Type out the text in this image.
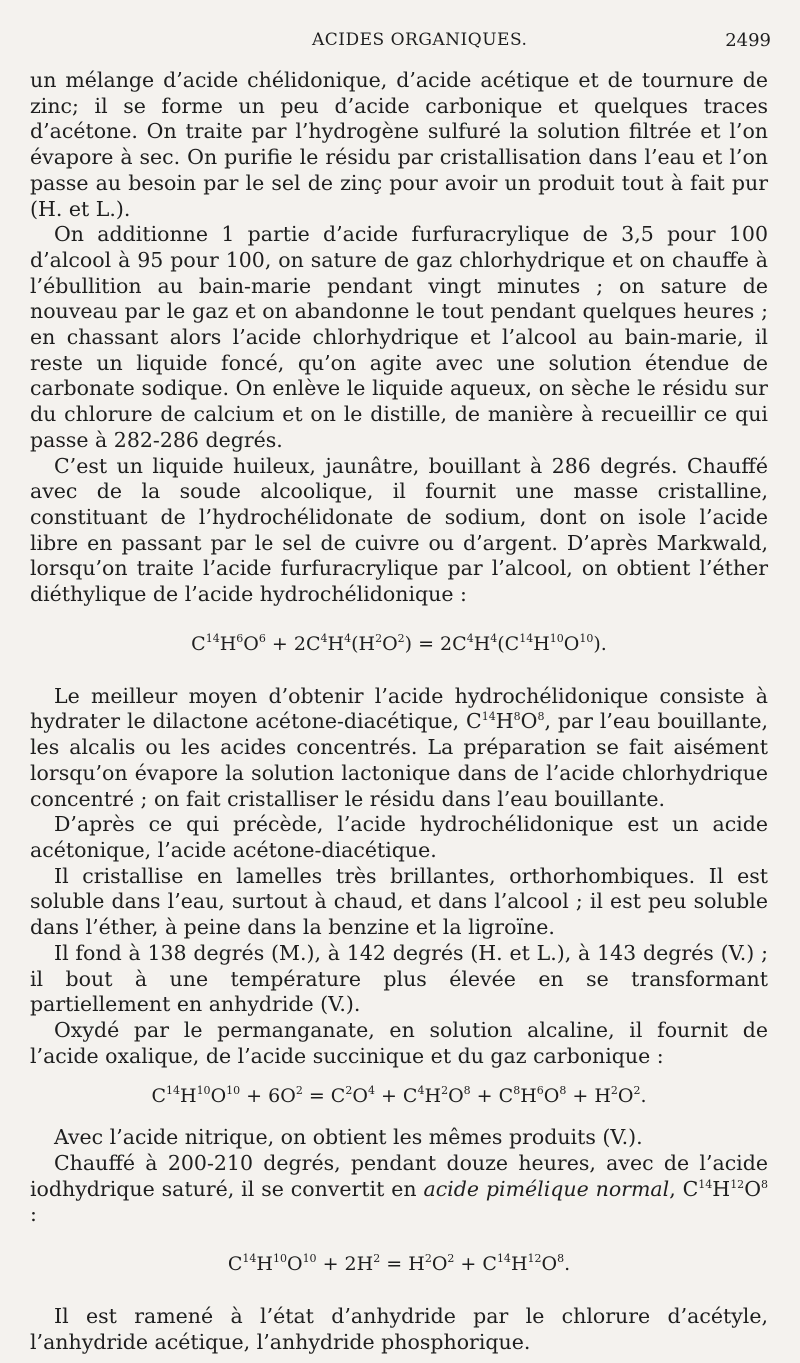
ACIDES ORGANIQUES.	2499

un mélange d’acide chélidonique, d’acide acétique et de tournure de zinc; il se forme un peu d’acide carbonique et quelques traces d’acétone. On traite par l’hydrogène sulfuré la solution filtrée et l’on évapore à sec. On purifie le résidu par cristallisation dans l’eau et l’on passe au besoin par le sel de zinç pour avoir un produit tout à fait pur (H. et L.).

On additionne 1 partie d’acide furfuracrylique de 3,5 pour 100 d’alcool à 95 pour 100, on sature de gaz chlorhydrique et on chauffe à l’ébullition au bain-marie pendant vingt minutes ; on sature de nouveau par le gaz et on abandonne le tout pendant quelques heures ; en chassant alors l’acide chlorhydrique et l’alcool au bain-marie, il reste un liquide foncé, qu’on agite avec une solution étendue de carbonate sodique. On enlève le liquide aqueux, on sèche le résidu sur du chlorure de calcium et on le distille, de manière à recueillir ce qui passe à 282-286 degrés.

C’est un liquide huileux, jaunâtre, bouillant à 286 degrés. Chauffé avec de la soude alcoolique, il fournit une masse cristalline, constituant de l’hydrochélidonate de sodium, dont on isole l’acide libre en passant par le sel de cuivre ou d’argent. D’après Markwald, lorsqu’on traite l’acide furfuracrylique par l’alcool, on obtient l’éther diéthylique de l’acide hydrochélidonique :

$C^{14}H^6O^6 + 2C^4H^4(H^2O^2) = 2C^4H^4(C^{14}H^{10}O^{10})$.

Le meilleur moyen d’obtenir l’acide hydrochélidonique consiste à hydrater le dilactone acétone-diacétique, $C^{14}H^8O^8$, par l’eau bouillante, les alcalis ou les acides concentrés. La préparation se fait aisément lorsqu’on évapore la solution lactonique dans de l’acide chlorhydrique concentré ; on fait cristalliser le résidu dans l’eau bouillante.

D’après ce qui précède, l’acide hydrochélidonique est un acide acétonique, l’acide acétone-diacétique.

Il cristallise en lamelles très brillantes, orthorhombiques. Il est soluble dans l’eau, surtout à chaud, et dans l’alcool ; il est peu soluble dans l’éther, à peine dans la benzine et la ligroïne.

Il fond à 138 degrés (M.), à 142 degrés (H. et L.), à 143 degrés (V.) ; il bout à une température plus élevée en se transformant partiellement en anhydride (V.).

Oxydé par le permanganate, en solution alcaline, il fournit de l’acide oxalique, de l’acide succinique et du gaz carbonique :

$C^{14}H^{10}O^{10} + 6O^2 = C^2O^4 + C^4H^2O^8 + C^8H^6O^8 + H^2O^2$.

Avec l’acide nitrique, on obtient les mêmes produits (V.).

Chauffé à 200-210 degrés, pendant douze heures, avec de l’acide iodhydrique saturé, il se convertit en acide pimélique normal, $C^{14}H^{12}O^8$ :

$C^{14}H^{10}O^{10} + 2H^2 = H^2O^2 + C^{14}H^{12}O^8$.

Il est ramené à l’état d’anhydride par le chlorure d’acétyle, l’anhydride acétique, l’anhydride phosphorique.
